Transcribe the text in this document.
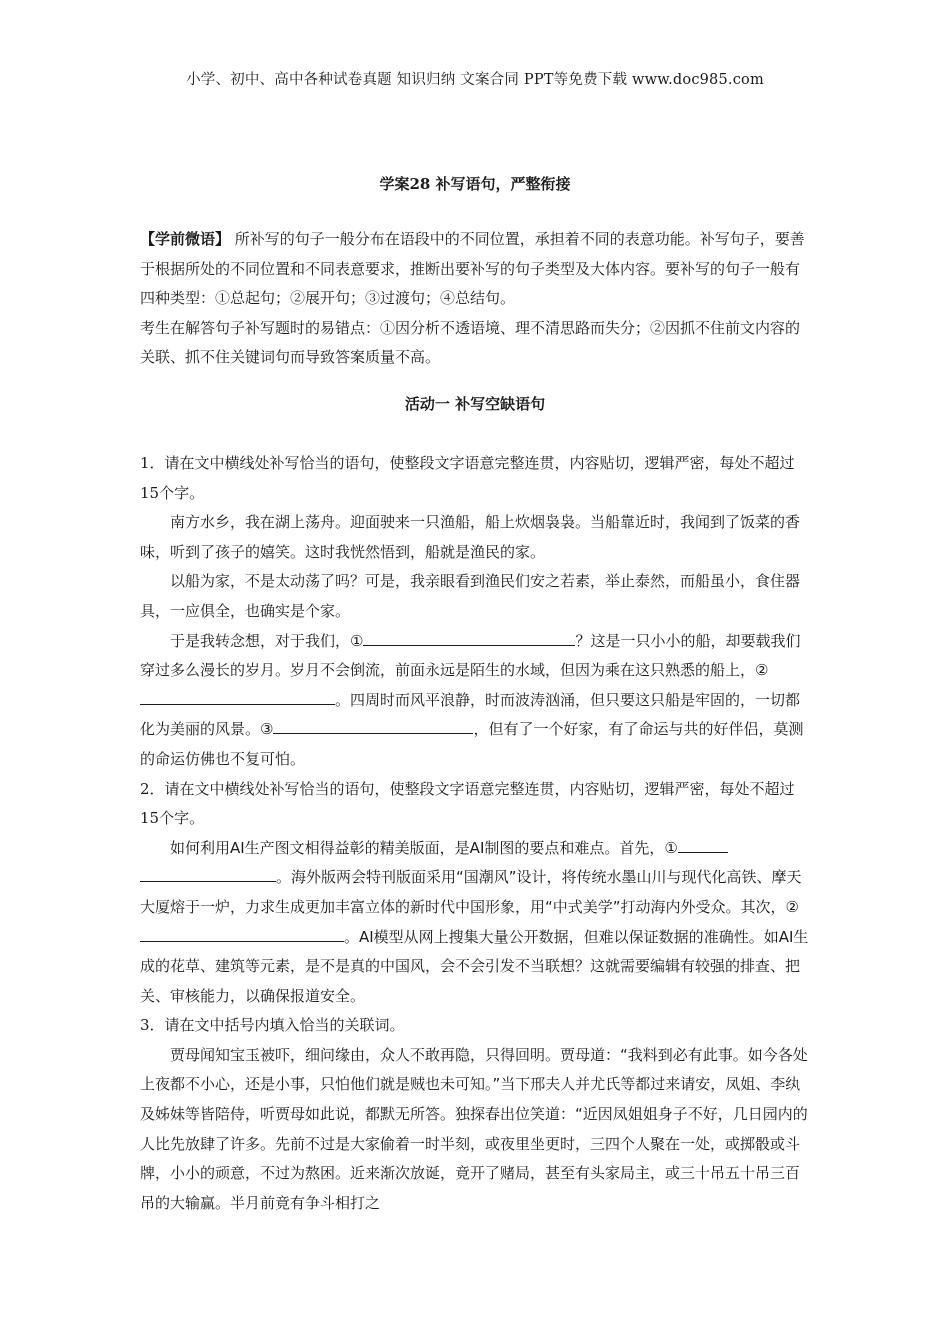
小学、初中、高中各种试卷真题 知识归纳 文案合同 PPT等免费下载 www.doc985.com
学案28 补写语句，严整衔接

【学前微语】 所补写的句子一般分布在语段中的不同位置，承担着不同的表意功能。补写句子，要善于根据所处的不同位置和不同表意要求，推断出要补写的句子类型及大体内容。要补写的句子一般有四种类型：①总起句；②展开句；③过渡句；④总结句。

考生在解答句子补写题时的易错点：①因分析不透语境、理不清思路而失分；②因抓不住前文内容的关联、抓不住关键词句而导致答案质量不高。

活动一 补写空缺语句

1．请在文中横线处补写恰当的语句，使整段文字语意完整连贯，内容贴切，逻辑严密，每处不超过15个字。

南方水乡，我在湖上荡舟。迎面驶来一只渔船，船上炊烟袅袅。当船靠近时，我闻到了饭菜的香味，听到了孩子的嬉笑。这时我恍然悟到，船就是渔民的家。

以船为家，不是太动荡了吗？可是，我亲眼看到渔民们安之若素，举止泰然，而船虽小，食住器具，一应俱全，也确实是个家。

于是我转念想，对于我们，①	？这是一只小小的船，却要载我们穿过多么漫长的岁月。岁月不会倒流，前面永远是陌生的水域，但因为乘在这只熟悉的船上，②。四周时而风平浪静，时而波涛汹涌，但只要这只船是牢固的，一切都化为美丽的风景。③	，但有了一个好家，有了命运与共的好伴侣，莫测的命运仿佛也不复可怕。

2．请在文中横线处补写恰当的语句，使整段文字语意完整连贯，内容贴切，逻辑严密，每处不超过15个字。

如何利用AI生产图文相得益彰的精美版面，是AI制图的要点和难点。首先，①。海外版两会特刊版面采用“国潮风”设计，将传统水墨山川与现代化高铁、摩天大厦熔于一炉，力求生成更加丰富立体的新时代中国形象，用“中式美学”打动海内外受众。其次，②。AI模型从网上搜集大量公开数据，但难以保证数据的准确性。如AI生成的花草、建筑等元素，是不是真的中国风，会不会引发不当联想？这就需要编辑有较强的排查、把关、审核能力，以确保报道安全。

3．请在文中括号内填入恰当的关联词。

贾母闻知宝玉被吓，细问缘由，众人不敢再隐，只得回明。贾母道：“我料到必有此事。如今各处上夜都不小心，还是小事，只怕他们就是贼也未可知。”当下邢夫人并尤氏等都过来请安，凤姐、李纨及姊妹等皆陪侍，听贾母如此说，都默无所答。独探春出位笑道：“近因凤姐姐身子不好，几日园内的人比先放肆了许多。先前不过是大家偷着一时半刻，或夜里坐更时，三四个人聚在一处，或掷骰或斗牌，小小的顽意，不过为熬困。近来渐次放诞，竟开了赌局，甚至有头家局主，或三十吊五十吊三百吊的大输赢。半月前竟有争斗相打之
